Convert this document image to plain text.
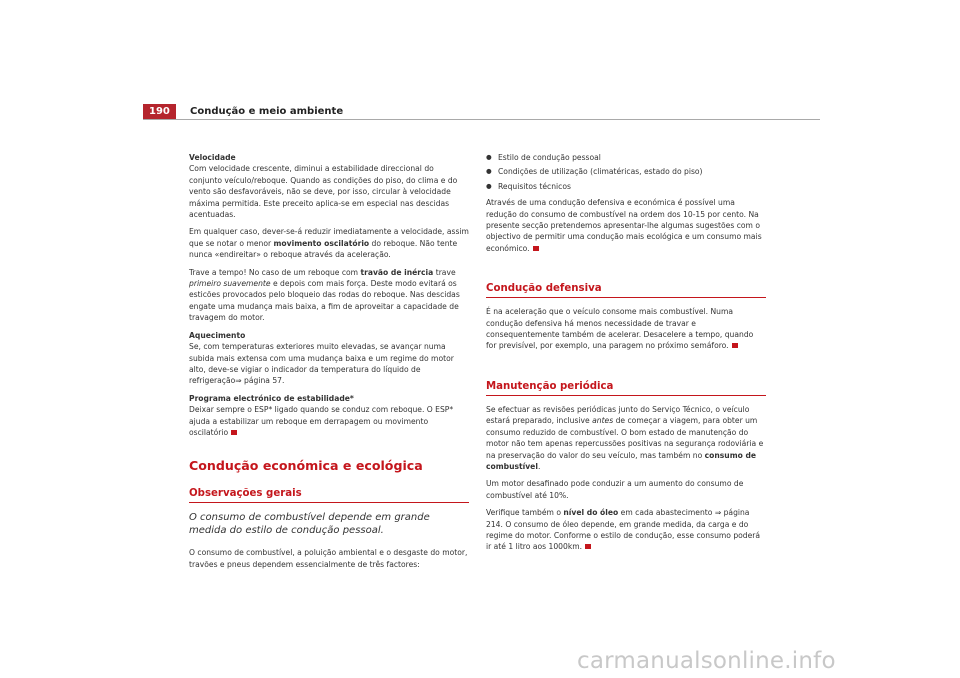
190	Condução e meio ambiente

Velocidade

Com velocidade crescente, diminui a estabilidade direccional do conjunto veículo/reboque. Quando as condições do piso, do clima e do vento são desfavoráveis, não se deve, por isso, circular à velocidade máxima permitida. Este preceito aplica-se em especial nas descidas acentuadas.

Em qualquer caso, dever-se-á reduzir imediatamente a velocidade, assim que se notar o menor movimento oscilatório do reboque. Não tente nunca «endireitar» o reboque através da aceleração.

Trave a tempo! No caso de um reboque com travão de inércia trave primeiro suavemente e depois com mais força. Deste modo evitará os esticões provocados pelo bloqueio das rodas do reboque. Nas descidas engate uma mudança mais baixa, a fim de aproveitar a capacidade de travagem do motor.

Aquecimento

Se, com temperaturas exteriores muito elevadas, se avançar numa subida mais extensa com uma mudança baixa e um regime do motor alto, deve-se vigiar o indicador da temperatura do líquido de refrigeração⇒ página 57.

Programa electrónico de estabilidade*

Deixar sempre o ESP* ligado quando se conduz com reboque. O ESP* ajuda a estabilizar um reboque em derrapagem ou movimento oscilatório

Condução económica e ecológica
Observações gerais

O consumo de combustível depende em grande medida do estilo de condução pessoal.

O consumo de combustível, a poluição ambiental e o desgaste do motor, travões e pneus dependem essencialmente de três factores:

● Estilo de condução pessoal
● Condições de utilização (climatéricas, estado do piso)
● Requisitos técnicos

Através de uma condução defensiva e económica é possível uma redução do consumo de combustível na ordem dos 10-15 por cento. Na presente secção pretendemos apresentar-lhe algumas sugestões com o objectivo de permitir uma condução mais ecológica e um consumo mais económico.

Condução defensiva

É na aceleração que o veículo consome mais combustível. Numa condução defensiva há menos necessidade de travar e consequentemente também de acelerar. Desacelere a tempo, quando for previsível, por exemplo, una paragem no próximo semáforo.

Manutenção periódica

Se efectuar as revisões periódicas junto do Serviço Técnico, o veículo estará preparado, inclusive antes de começar a viagem, para obter um consumo reduzido de combustível. O bom estado de manutenção do motor não tem apenas repercussões positivas na segurança rodoviária e na preservação do valor do seu veículo, mas também no consumo de combustível.

Um motor desafinado pode conduzir a um aumento do consumo de combustível até 10%.

Verifique também o nível do óleo em cada abastecimento ⇒ página 214. O consumo de óleo depende, em grande medida, da carga e do regime do motor. Conforme o estilo de condução, esse consumo poderá ir até 1 litro aos 1000km.

carmanualsonline.info
